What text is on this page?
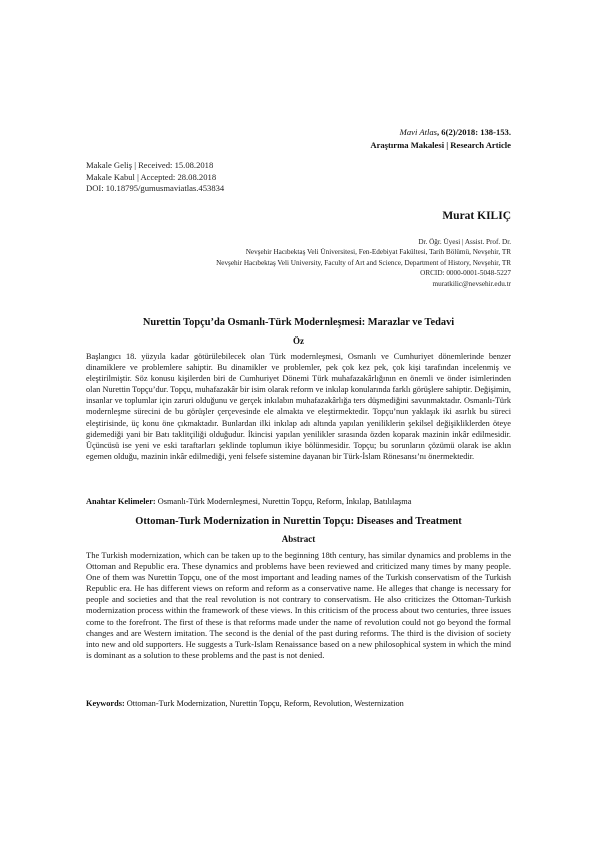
Mavi Atlas, 6(2)/2018: 138-153.
Araştırma Makalesi | Research Article
Makale Geliş | Received: 15.08.2018
Makale Kabul | Accepted: 28.08.2018
DOI: 10.18795/gumusmaviatlas.453834
Murat KILIÇ
Dr. Öğr. Üyesi | Assist. Prof. Dr.
Nevşehir Hacıbektaş Veli Üniversitesi, Fen-Edebiyat Fakültesi, Tarih Bölümü, Nevşehir, TR
Nevşehir Hacıbektaş Veli University, Faculty of Art and Science, Department of History, Nevşehir, TR
ORCID: 0000-0001-5048-5227
muratkilic@nevsehir.edu.tr
Nurettin Topçu’da Osmanlı-Türk Modernleşmesi: Marazlar ve Tedavi
Öz
Başlangıcı 18. yüzyıla kadar götürülebilecek olan Türk modernleşmesi, Osmanlı ve Cumhuriyet dönemlerinde benzer dinamiklere ve problemlere sahiptir. Bu dinamikler ve problemler, pek çok kez pek, çok kişi tarafından incelenmiş ve eleştirilmiştir. Söz konusu kişilerden biri de Cumhuriyet Dönemi Türk muhafazakârlığının en önemli ve önder isimlerinden olan Nurettin Topçu’dur. Topçu, muhafazakâr bir isim olarak reform ve inkılap konularında farklı görüşlere sahiptir. Değişimin, insanlar ve toplumlar için zaruri olduğunu ve gerçek inkılabın muhafazakârlığa ters düşmediğini savunmaktadır. Osmanlı-Türk modernleşme sürecini de bu görüşler çerçevesinde ele almakta ve eleştirmektedir. Topçu’nun yaklaşık iki asırlık bu süreci eleştirisinde, üç konu öne çıkmaktadır. Bunlardan ilki inkılap adı altında yapılan yeniliklerin şekilsel değişikliklerden öteye gidemediği yani bir Batı taklitçiliği olduğudur. İkincisi yapılan yenilikler sırasında özden koparak mazinin inkâr edilmesidir. Üçüncüsü ise yeni ve eski taraftarları şeklinde toplumun ikiye bölünmesidir. Topçu; bu sorunların çözümü olarak ise aklın egemen olduğu, mazinin inkâr edilmediği, yeni felsefe sistemine dayanan bir Türk-İslam Rönesansı’nı önermektedir.
Anahtar Kelimeler: Osmanlı-Türk Modernleşmesi, Nurettin Topçu, Reform, İnkılap, Batılılaşma
Ottoman-Turk Modernization in Nurettin Topçu: Diseases and Treatment
Abstract
The Turkish modernization, which can be taken up to the beginning 18th century, has similar dynamics and problems in the Ottoman and Republic era. These dynamics and problems have been reviewed and criticized many times by many people. One of them was Nurettin Topçu, one of the most important and leading names of the Turkish conservatism of the Turkish Republic era. He has different views on reform and reform as a conservative name. He alleges that change is necessary for people and societies and that the real revolution is not contrary to conservatism. He also criticizes the Ottoman-Turkish modernization process within the framework of these views. In this criticism of the process about two centuries, three issues come to the forefront. The first of these is that reforms made under the name of revolution could not go beyond the formal changes and are Western imitation. The second is the denial of the past during reforms. The third is the division of society into new and old supporters. He suggests a Turk-Islam Renaissance based on a new philosophical system in which the mind is dominant as a solution to these problems and the past is not denied.
Keywords: Ottoman-Turk Modernization, Nurettin Topçu, Reform, Revolution, Westernization
